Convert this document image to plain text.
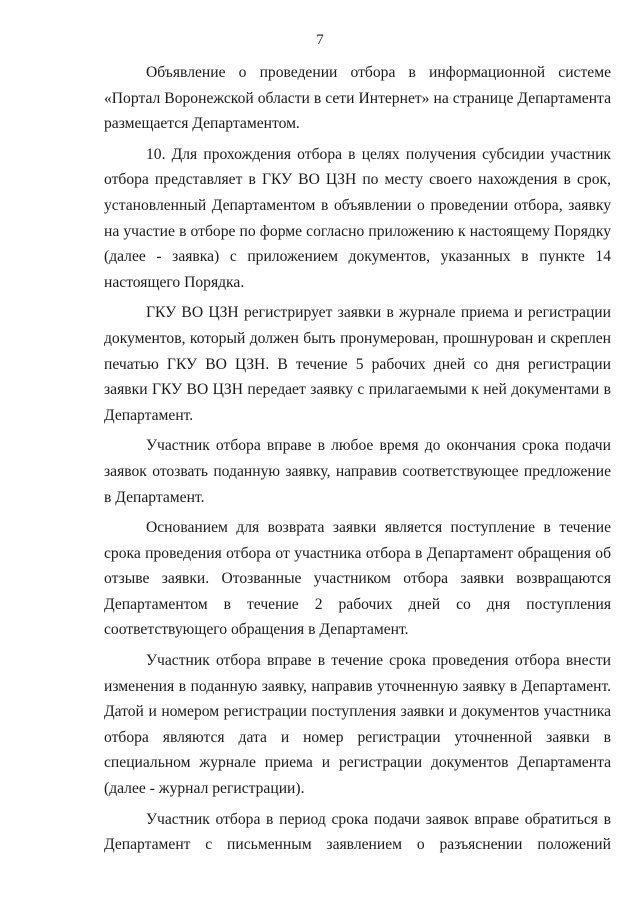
7

Объявление о проведении отбора в информационной системе «Портал Воронежской области в сети Интернет» на странице Департамента размещается Департаментом.

10. Для прохождения отбора в целях получения субсидии участник отбора представляет в ГКУ ВО ЦЗН по месту своего нахождения в срок, установленный Департаментом в объявлении о проведении отбора, заявку на участие в отборе по форме согласно приложению к настоящему Порядку (далее - заявка) с приложением документов, указанных в пункте 14 настоящего Порядка.

ГКУ ВО ЦЗН регистрирует заявки в журнале приема и регистрации документов, который должен быть пронумерован, прошнурован и скреплен печатью ГКУ ВО ЦЗН. В течение 5 рабочих дней со дня регистрации заявки ГКУ ВО ЦЗН передает заявку с прилагаемыми к ней документами в Департамент.

Участник отбора вправе в любое время до окончания срока подачи заявок отозвать поданную заявку, направив соответствующее предложение в Департамент.

Основанием для возврата заявки является поступление в течение срока проведения отбора от участника отбора в Департамент обращения об отзыве заявки. Отозванные участником отбора заявки возвращаются Департаментом в течение 2 рабочих дней со дня поступления соответствующего обращения в Департамент.

Участник отбора вправе в течение срока проведения отбора внести изменения в поданную заявку, направив уточненную заявку в Департамент. Датой и номером регистрации поступления заявки и документов участника отбора являются дата и номер регистрации уточненной заявки в специальном журнале приема и регистрации документов Департамента (далее - журнал регистрации).

Участник отбора в период срока подачи заявок вправе обратиться в Департамент с письменным заявлением о разъяснении положений
